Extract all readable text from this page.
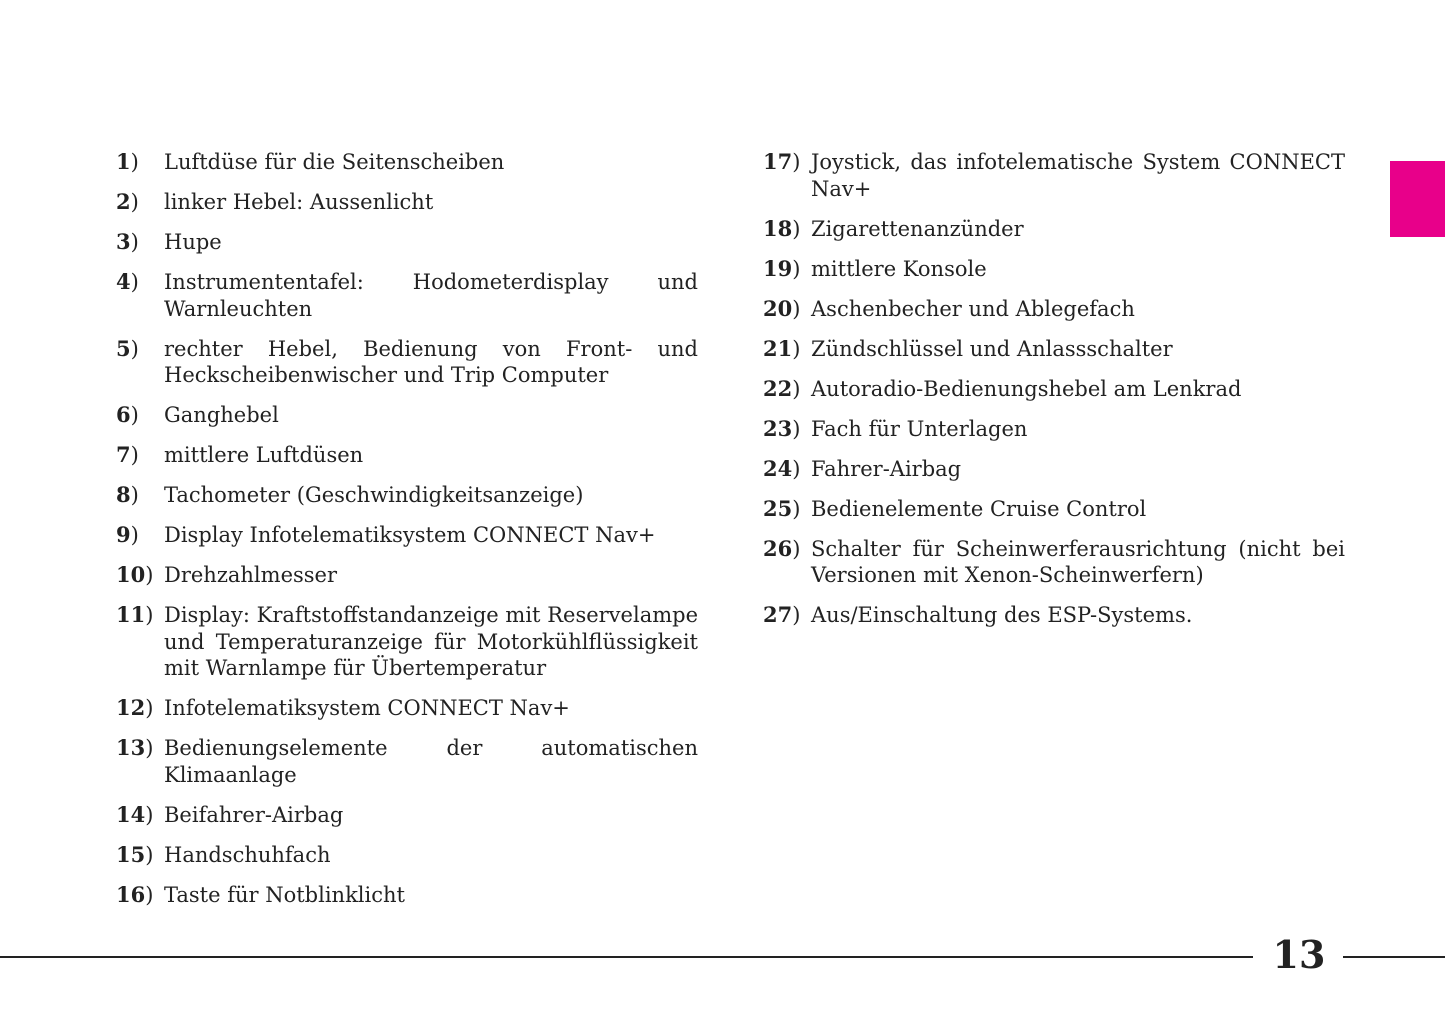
1)	Luftdüse für die Seitenscheiben
2)	linker Hebel: Aussenlicht
3)	Hupe
4)	Instrumententafel: Hodometerdisplay und Warnleuchten
5)	rechter Hebel, Bedienung von Front- und Heckscheibenwischer und Trip Computer
6)	Ganghebel
7)	mittlere Luftdüsen
8)	Tachometer (Geschwindigkeitsanzeige)
9)	Display Infotelematiksystem CONNECT Nav+
10) Drehzahlmesser
11) Display: Kraftstoffstandanzeige mit Reservelampe und Temperaturanzeige für Motorkühlflüssigkeit mit Warnlampe für Übertemperatur
12) Infotelematiksystem CONNECT Nav+
13) Bedienungselemente der automatischen Klimaanlage
14) Beifahrer-Airbag
15) Handschuhfach
16) Taste für Notblinklicht
17) Joystick, das infotelematische System CONNECT Nav+
18) Zigarettenanzünder
19) mittlere Konsole
20) Aschenbecher und Ablegefach
21) Zündschlüssel und Anlassschalter
22) Autoradio-Bedienungshebel am Lenkrad
23) Fach für Unterlagen
24) Fahrer-Airbag
25) Bedienelemente Cruise Control
26) Schalter für Scheinwerferausrichtung (nicht bei Versionen mit Xenon-Scheinwerfern)
27) Aus/Einschaltung des ESP-Systems.
13
